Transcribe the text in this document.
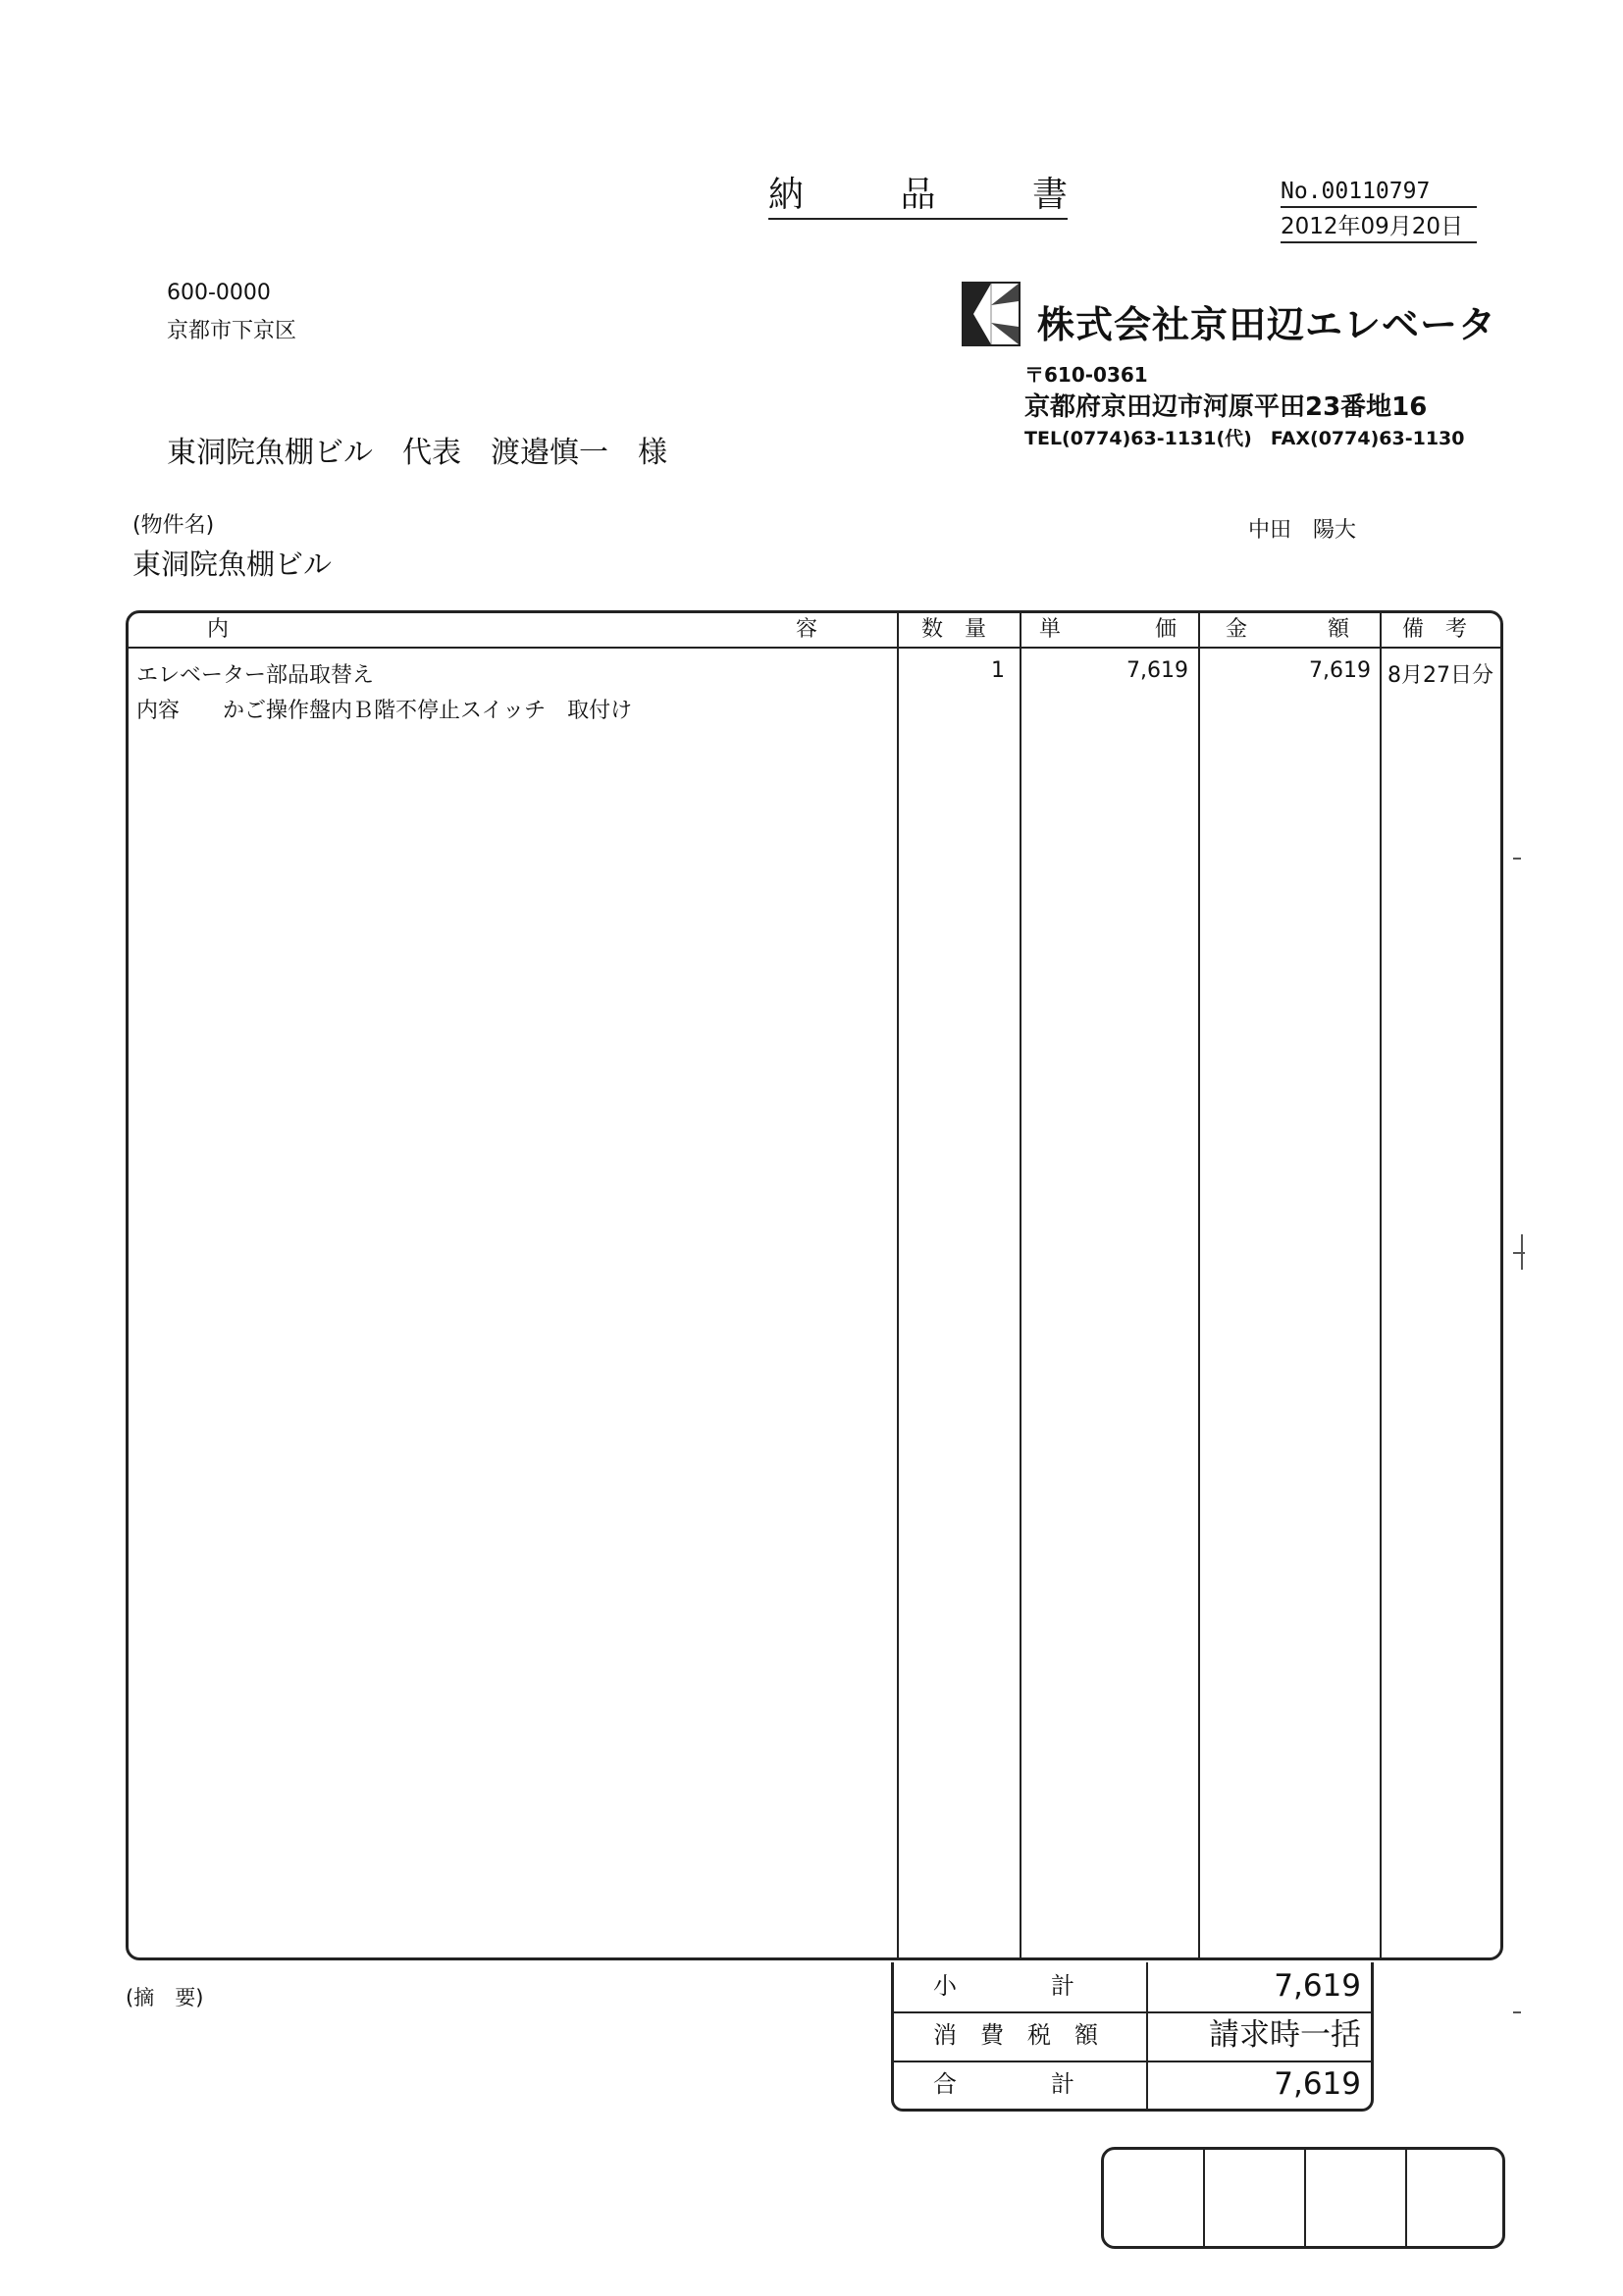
納	品	書	No.00110797
2012年09月20日
600-0000
京都市下京区
東洞院魚棚ビル　代表　渡邉慎一　様
(物件名)
東洞院魚棚ビル
中田　陽大
株式会社京田辺エレベータ
〒610-0361
京都府京田辺市河原平田23番地16
TEL(0774)63-1131(代)　FAX(0774)63-1130
内	容	数　量 単	価 金	額 備　考
エレベーター部品取替え
内容　　かご操作盤内Ｂ階不停止スイッチ　取付け
1	7,619	7,619 8月27日分
(摘　要)	小　　　　計	7,619
消　費　税　額	請求時一括
合　　　　計	7,619
